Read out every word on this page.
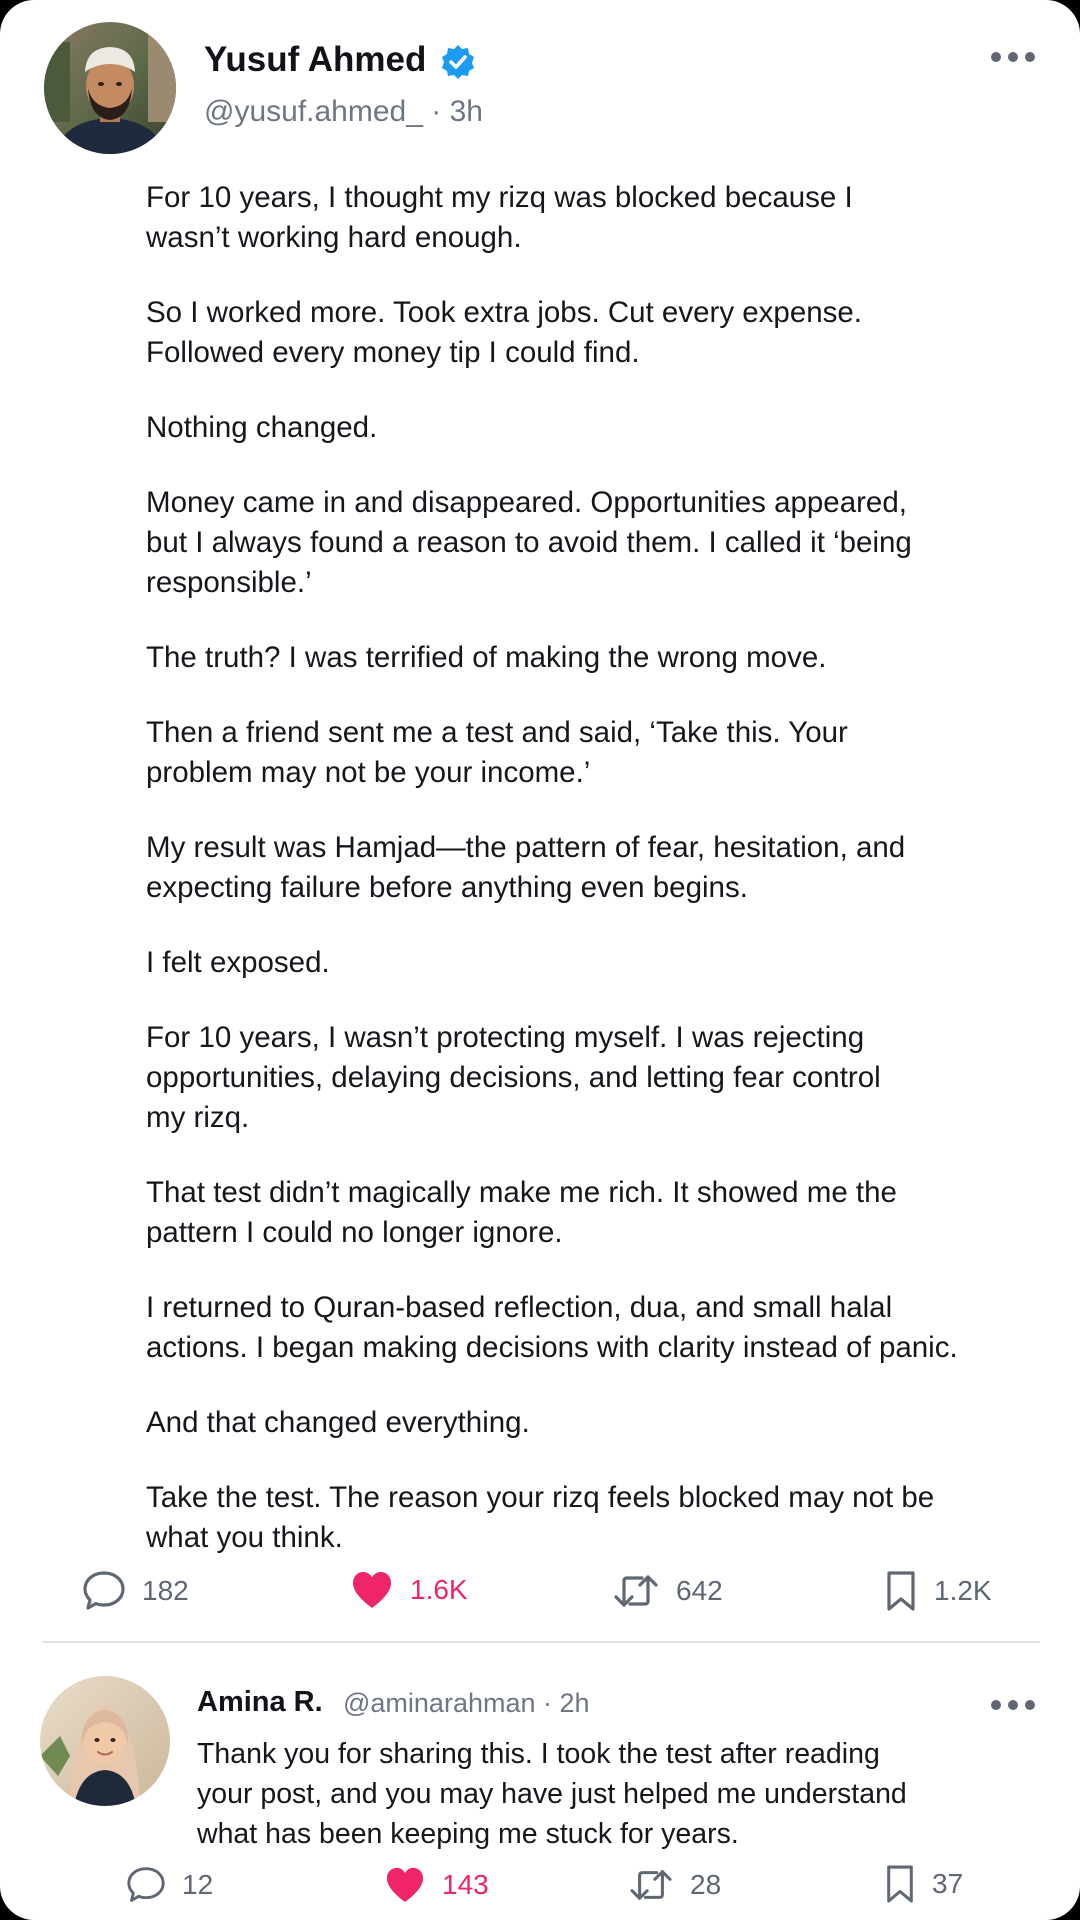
Yusuf Ahmed
@yusuf.ahmed_ · 3h

For 10 years, I thought my rizq was blocked because I
wasn’t working hard enough.

So I worked more. Took extra jobs. Cut every expense.
Followed every money tip I could find.

Nothing changed.

Money came in and disappeared. Opportunities appeared,
but I always found a reason to avoid them. I called it ‘being
responsible.’

The truth? I was terrified of making the wrong move.

Then a friend sent me a test and said, ‘Take this. Your
problem may not be your income.’

My result was Hamjad—the pattern of fear, hesitation, and
expecting failure before anything even begins.

I felt exposed.

For 10 years, I wasn’t protecting myself. I was rejecting
opportunities, delaying decisions, and letting fear control
my rizq.

That test didn’t magically make me rich. It showed me the
pattern I could no longer ignore.

I returned to Quran-based reflection, dua, and small halal
actions. I began making decisions with clarity instead of panic.

And that changed everything.

Take the test. The reason your rizq feels blocked may not be
what you think.

182	1.6K	642	1.2K
Amina R. @aminarahman · 2h

Thank you for sharing this. I took the test after reading
your post, and you may have just helped me understand
what has been keeping me stuck for years.

12	143	28	37
